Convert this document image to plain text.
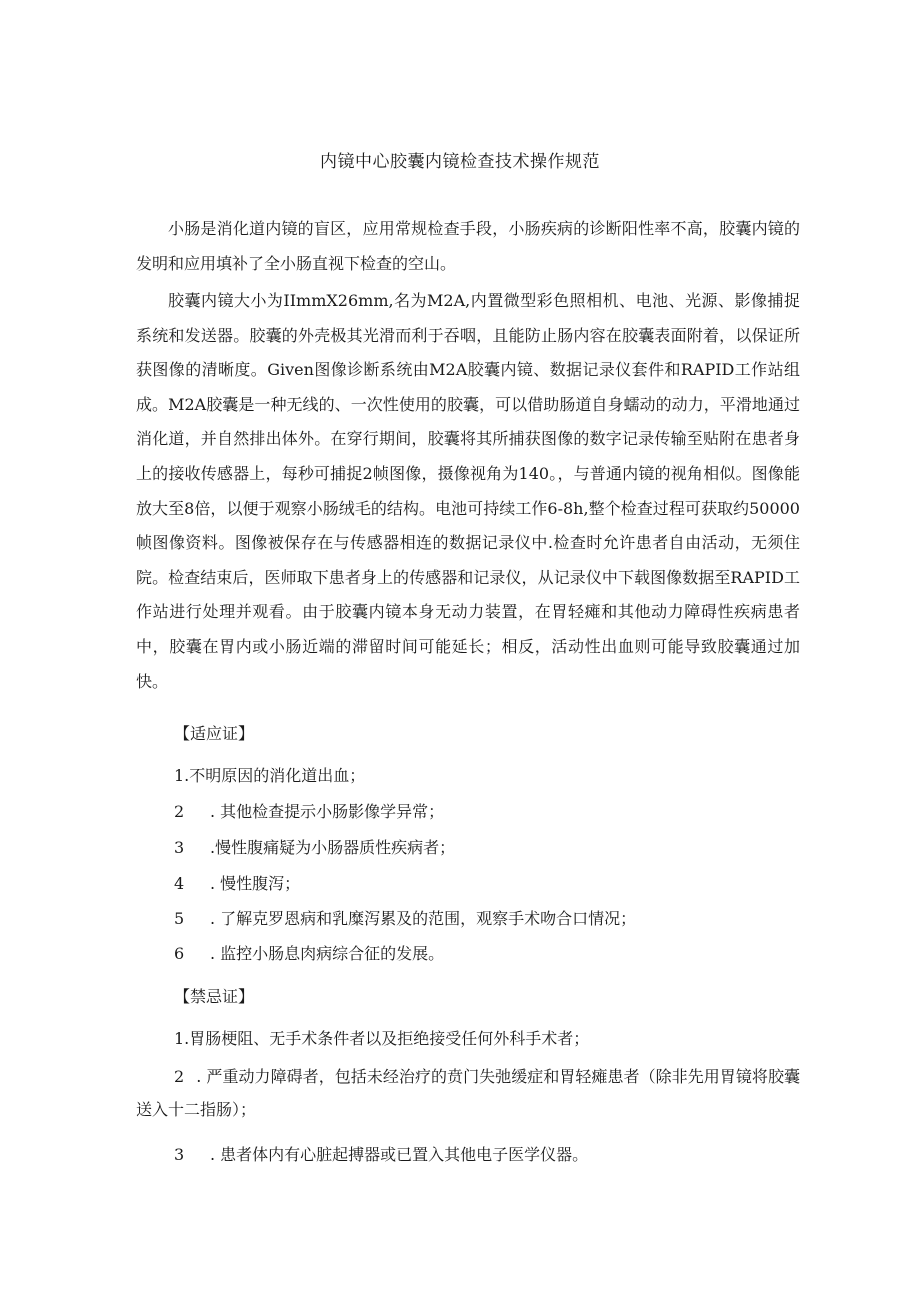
内镜中心胶囊内镜检查技术操作规范

小肠是消化道内镜的盲区，应用常规检查手段，小肠疾病的诊断阳性率不高，胶囊内镜的发明和应用填补了全小肠直视下检查的空山。

胶囊内镜大小为IImmX26mm,名为M2A,内置微型彩色照相机、电池、光源、影像捕捉系统和发送器。胶囊的外壳极其光滑而利于吞咽，且能防止肠内容在胶囊表面附着，以保证所获图像的清晰度。Given图像诊断系统由M2A胶囊内镜、数据记录仪套件和RAPID工作站组成。M2A胶囊是一种无线的、一次性使用的胶囊，可以借助肠道自身蠕动的动力，平滑地通过消化道，并自然排出体外。在穿行期间，胶囊将其所捕获图像的数字记录传输至贴附在患者身上的接收传感器上，每秒可捕捉2帧图像，摄像视角为140。，与普通内镜的视角相似。图像能放大至8倍，以便于观察小肠绒毛的结构。电池可持续工作6-8h,整个检查过程可获取约50000帧图像资料。图像被保存在与传感器相连的数据记录仪中.检查时允许患者自由活动，无须住院。检查结束后，医师取下患者身上的传感器和记录仪，从记录仪中下载图像数据至RAPID工作站进行处理并观看。由于胶囊内镜本身无动力装置，在胃轻瘫和其他动力障碍性疾病患者中，胶囊在胃内或小肠近端的滞留时间可能延长；相反，活动性出血则可能导致胶囊通过加快。

【适应证】
1.不明原因的消化道出血；
2 . 其他检查提示小肠影像学异常；
3 .慢性腹痛疑为小肠器质性疾病者；
4 . 慢性腹泻；
5 . 了解克罗恩病和乳糜泻累及的范围，观察手术吻合口情况；
6 . 监控小肠息肉病综合征的发展。
【禁忌证】
1.胃肠梗阻、无手术条件者以及拒绝接受任何外科手术者；
2 . 严重动力障碍者，包括未经治疗的贲门失弛缓症和胃轻瘫患者（除非先用胃镜将胶囊送入十二指肠）；
3 . 患者体内有心脏起搏器或已置入其他电子医学仪器。
